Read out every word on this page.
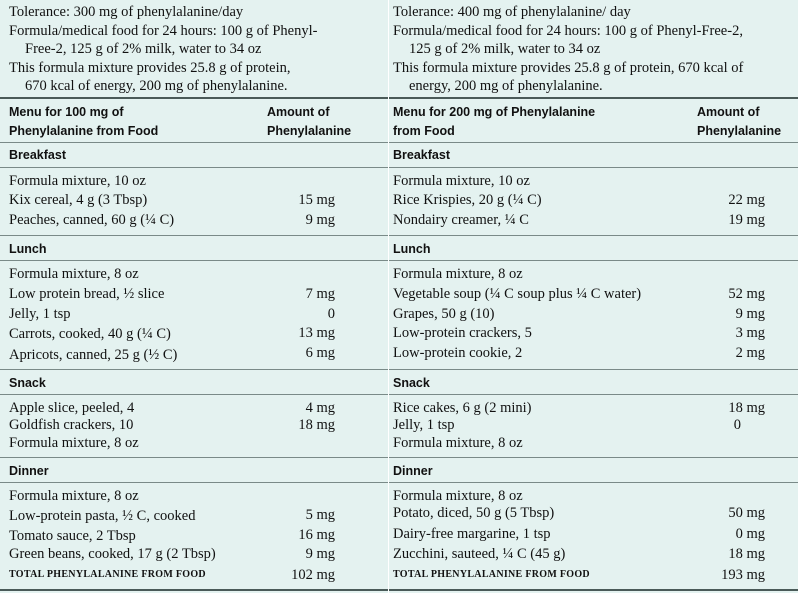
Tolerance: 300 mg of phenylalanine/day
Formula/medical food for 24 hours: 100 g of Phenyl-
Free-2, 125 g of 2% milk, water to 34 oz
This formula mixture provides 25.8 g of protein,
670 kcal of energy, 200 mg of phenylalanine.
Menu for 100 mg of
Phenylalanine from Food
Amount of
Phenylalanine
Breakfast
Formula mixture, 10 oz
Kix cereal, 4 g (3 Tbsp)	15 mg
Peaches, canned, 60 g (¼ C)	9 mg
Lunch
Formula mixture, 8 oz
Low protein bread, ½ slice	7 mg
Jelly, 1 tsp	0
Carrots, cooked, 40 g (¼ C)	13 mg
Apricots, canned, 25 g (½ C)	6 mg
Snack
Apple slice, peeled, 4	4 mg
Goldfish crackers, 10	18 mg
Formula mixture, 8 oz
Dinner
Formula mixture, 8 oz
Low-protein pasta, ½ C, cooked	5 mg
Tomato sauce, 2 Tbsp	16 mg
Green beans, cooked, 17 g (2 Tbsp)	9 mg
TOTAL PHENYLALANINE FROM FOOD	102 mg
Tolerance: 400 mg of phenylalanine/ day
Formula/medical food for 24 hours: 100 g of Phenyl-Free-2,
125 g of 2% milk, water to 34 oz
This formula mixture provides 25.8 g of protein, 670 kcal of
energy, 200 mg of phenylalanine.
Menu for 200 mg of Phenylalanine
from Food
Amount of
Phenylalanine
Breakfast
Formula mixture, 10 oz
Rice Krispies, 20 g (¼ C)	22 mg
Nondairy creamer, ¼ C	19 mg
Lunch
Formula mixture, 8 oz
Vegetable soup (¼ C soup plus ¼ C water)	52 mg
Grapes, 50 g (10)	9 mg
Low-protein crackers, 5	3 mg
Low-protein cookie, 2	2 mg
Snack
Rice cakes, 6 g (2 mini)	18 mg
Jelly, 1 tsp	0
Formula mixture, 8 oz
Dinner
Formula mixture, 8 oz
Potato, diced, 50 g (5 Tbsp)	50 mg
Dairy-free margarine, 1 tsp	0 mg
Zucchini, sauteed, ¼ C (45 g)	18 mg
TOTAL PHENYLALANINE FROM FOOD	193 mg
